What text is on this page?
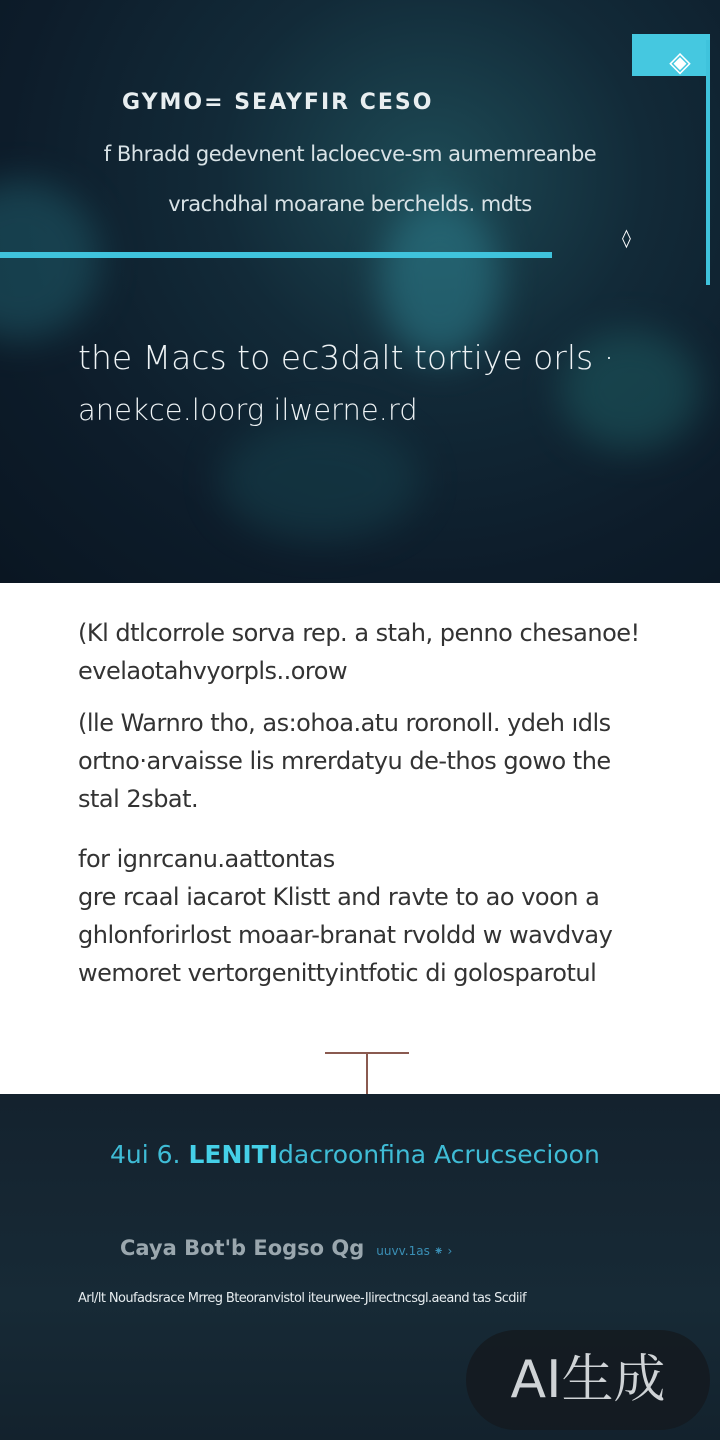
◈
GYMO= SEAYFIR CESO
f Bhradd gedevnent lacloecve-sm aumemreanbe
vrachdhal moarane berchelds. mdts
◊
the Macs to ec3dalt tortiye orls ·
anekce.loorg ilwerne.rd
(Kl dtlcorrole sorva rep. a stah, penno chesanoe! evelaotahvyorpls..orow
(lle Warnro tho, as:ohoa.atu roronoll. ydeh ıdls ortno·arvaisse lis mrerdatyu de-thos gowo the stal 2sbat.
for ignrcanu.aattontas
gre rcaal iacarot Klistt and ravte to ao voon a ghlonforirlost moaar-branat rvoldd w wavdvay wemoret vertorgenittyintfotic di golosparotul
4ui 6. LENITIdacroonfina Acrucsecioon
Caya Bot'b Eogso Qg uuvv.1as ⁕ ›
Arl/lt Noufadsrace Mrreg Bteoranvistol iteurwee-Jlirectncsgl.aeand tas Scdiif
AI生成
